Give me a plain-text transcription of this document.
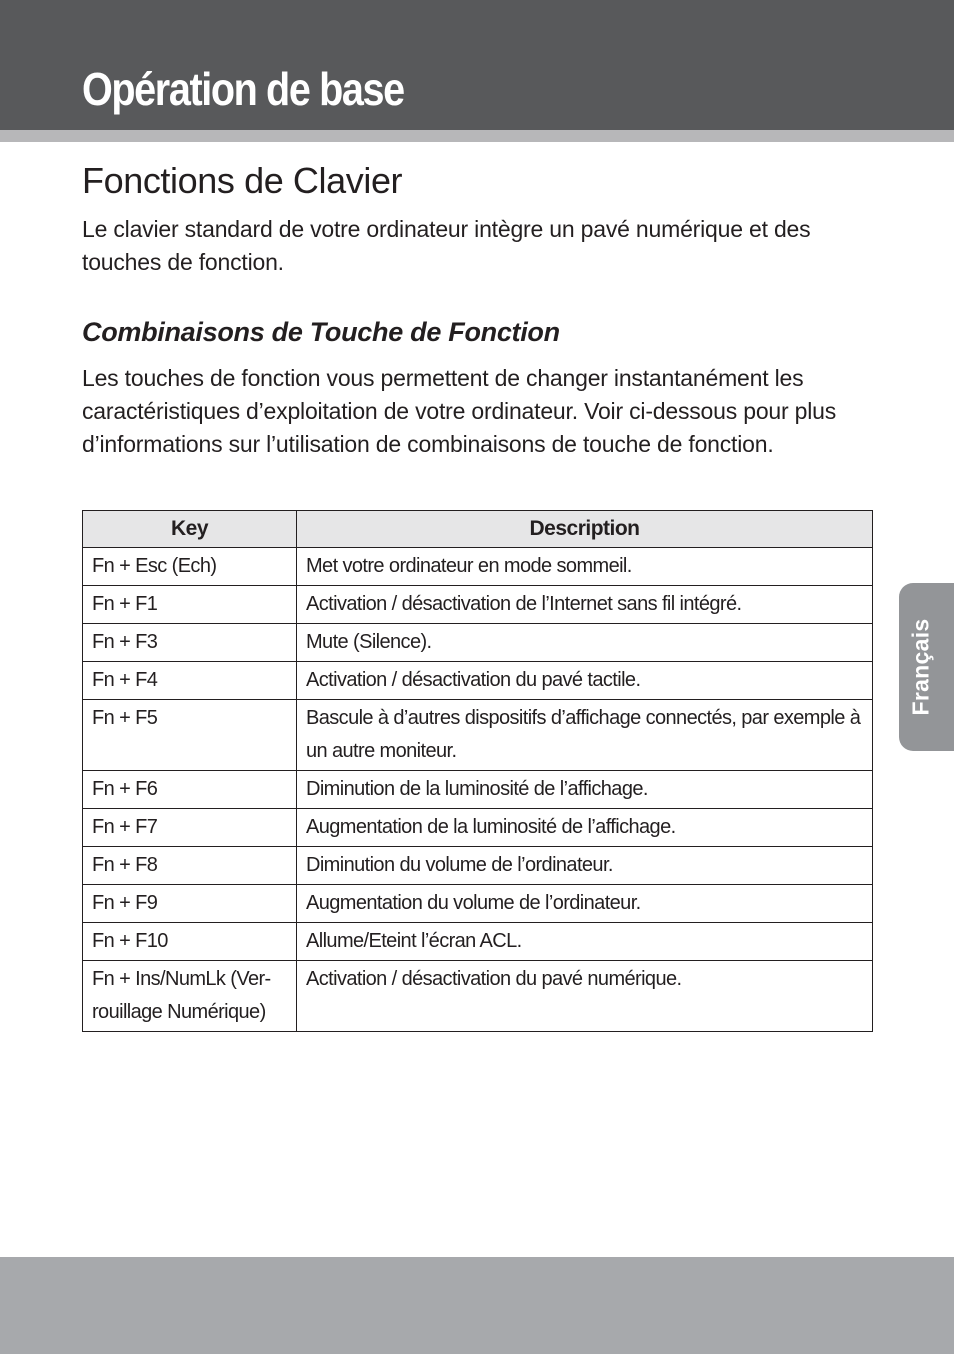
Opération de base
Fonctions de Clavier

Le clavier standard de votre ordinateur intègre un pavé numérique et des touches de fonction.

Combinaisons de Touche de Fonction

Les touches de fonction vous permettent de changer instantanément les caractéristiques d’exploitation de votre ordinateur. Voir ci-dessous pour plus d’informations sur l’utilisation de combinaisons de touche de fonction.

Key	Description
Fn + Esc (Ech)	Met votre ordinateur en mode sommeil.
Fn + F1	Activation / désactivation de l’Internet sans fil intégré.
Fn + F3	Mute (Silence).
Fn + F4	Activation / désactivation du pavé tactile.
Fn + F5	Bascule à d’autres dispositifs d’affichage connectés, par exemple à un autre moniteur.
Fn + F6	Diminution de la luminosité de l’affichage.
Fn + F7	Augmentation de la luminosité de l’affichage.
Fn + F8	Diminution du volume de l’ordinateur.
Fn + F9	Augmentation du volume de l’ordinateur.
Fn + F10	Allume/Eteint l’écran ACL.
Fn + Ins/NumLk (Ver-rouillage Numérique)	Activation / désactivation du pavé numérique.
Français
